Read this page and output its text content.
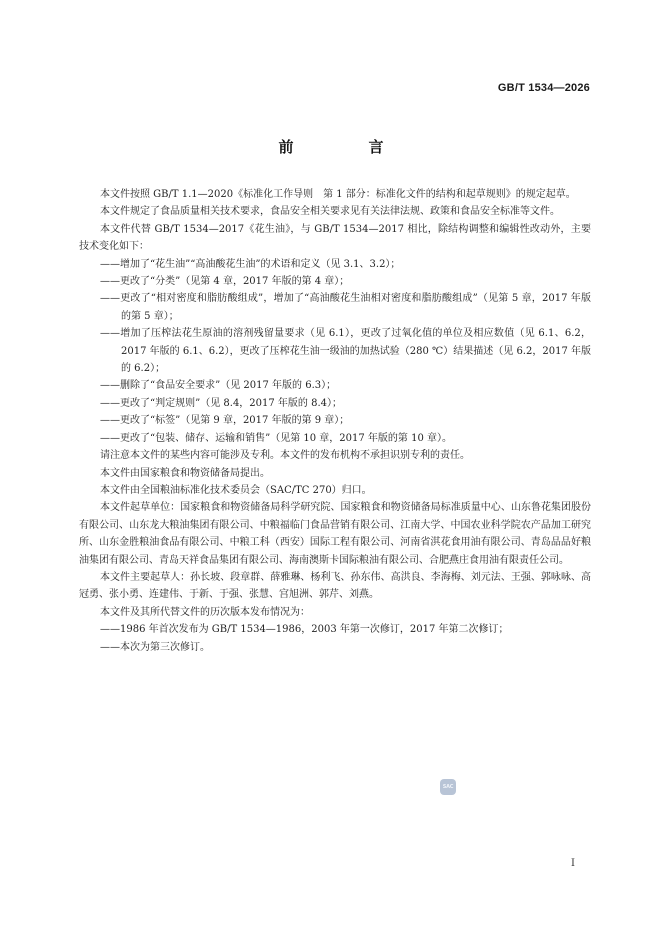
GB/T 1534—2026
前　言

本文件按照 GB/T 1.1—2020《标准化工作导则　第 1 部分：标准化文件的结构和起草规则》的规定起草。

本文件规定了食品质量相关技术要求，食品安全相关要求见有关法律法规、政策和食品安全标准等文件。

本文件代替 GB/T 1534—2017《花生油》，与 GB/T 1534—2017 相比，除结构调整和编辑性改动外，主要技术变化如下：

——增加了“花生油”“高油酸花生油”的术语和定义（见 3.1、3.2）；

——更改了“分类”（见第 4 章，2017 年版的第 4 章）；

——更改了“相对密度和脂肪酸组成”，增加了“高油酸花生油相对密度和脂肪酸组成”（见第 5 章，2017 年版的第 5 章）；

——增加了压榨法花生原油的溶剂残留量要求（见 6.1），更改了过氧化值的单位及相应数值（见 6.1、6.2，2017 年版的 6.1、6.2），更改了压榨花生油一级油的加热试验（280 ℃）结果描述（见 6.2，2017 年版的 6.2）；

——删除了“食品安全要求”（见 2017 年版的 6.3）；

——更改了“判定规则”（见 8.4，2017 年版的 8.4）；

——更改了“标签”（见第 9 章，2017 年版的第 9 章）；

——更改了“包装、储存、运输和销售”（见第 10 章，2017 年版的第 10 章）。

请注意本文件的某些内容可能涉及专利。本文件的发布机构不承担识别专利的责任。

本文件由国家粮食和物资储备局提出。

本文件由全国粮油标准化技术委员会（SAC/TC 270）归口。

本文件起草单位：国家粮食和物资储备局科学研究院、国家粮食和物资储备局标准质量中心、山东鲁花集团股份有限公司、山东龙大粮油集团有限公司、中粮福临门食品营销有限公司、江南大学、中国农业科学院农产品加工研究所、山东金胜粮油食品有限公司、中粮工科（西安）国际工程有限公司、河南省淇花食用油有限公司、青岛品品好粮油集团有限公司、青岛天祥食品集团有限公司、海南澳斯卡国际粮油有限公司、合肥燕庄食用油有限责任公司。

本文件主要起草人：孙长坡、段章群、薛雅琳、杨利飞、孙东伟、高洪良、李海梅、刘元法、王强、郭咏咏、高冠勇、张小勇、连建伟、于新、于强、张慧、宫旭洲、郭芹、刘燕。

本文件及其所代替文件的历次版本发布情况为：

——1986 年首次发布为 GB/T 1534—1986，2003 年第一次修订，2017 年第二次修订；

——本次为第三次修订。

SAC
I
